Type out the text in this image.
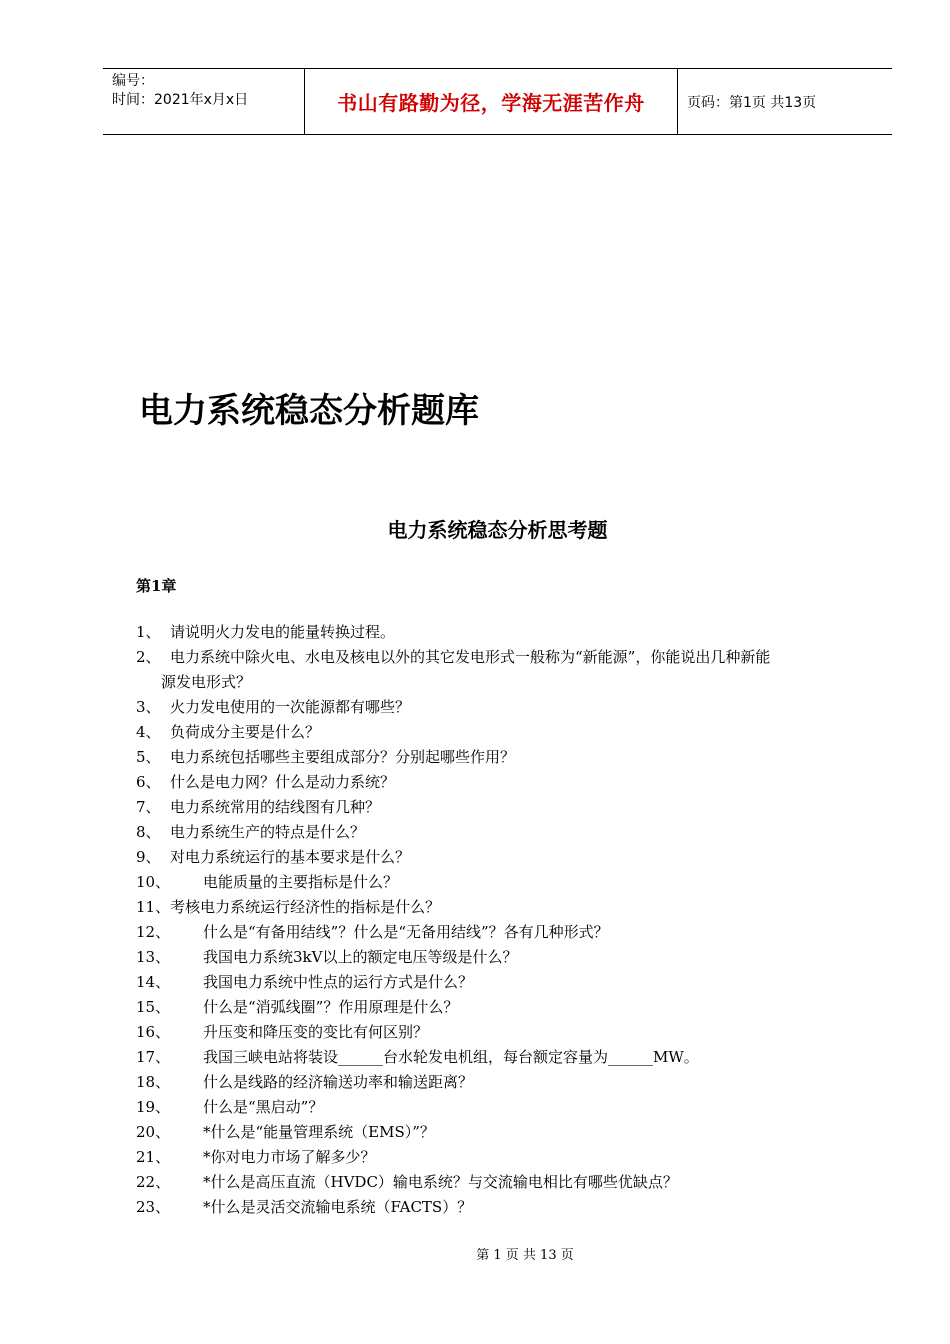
编号：
时间：2021年x月x日	书山有路勤为径，学海无涯苦作舟	页码：第1页 共13页
电力系统稳态分析题库
电力系统稳态分析思考题
第1章
1、 请说明火力发电的能量转换过程。
2、 电力系统中除火电、水电及核电以外的其它发电形式一般称为“新能源”，你能说出几种新能
源发电形式？
3、 火力发电使用的一次能源都有哪些？
4、 负荷成分主要是什么？
5、 电力系统包括哪些主要组成部分？分别起哪些作用？
6、 什么是电力网？什么是动力系统？
7、 电力系统常用的结线图有几种？
8、 电力系统生产的特点是什么？
9、 对电力系统运行的基本要求是什么？
10、 电能质量的主要指标是什么？
11、考核电力系统运行经济性的指标是什么？
12、 什么是“有备用结线”？什么是“无备用结线”？各有几种形式？
13、 我国电力系统3kV以上的额定电压等级是什么？
14、 我国电力系统中性点的运行方式是什么？
15、 什么是“消弧线圈”？作用原理是什么？
16、 升压变和降压变的变比有何区别？
17、 我国三峡电站将装设______台水轮发电机组，每台额定容量为______MW。
18、 什么是线路的经济输送功率和输送距离？
19、 什么是“黑启动”？
20、 *什么是“能量管理系统（EMS）”？
21、 *你对电力市场了解多少？
22、 *什么是高压直流（HVDC）输电系统？与交流输电相比有哪些优缺点？
23、 *什么是灵活交流输电系统（FACTS）？
第 1 页 共 13 页
